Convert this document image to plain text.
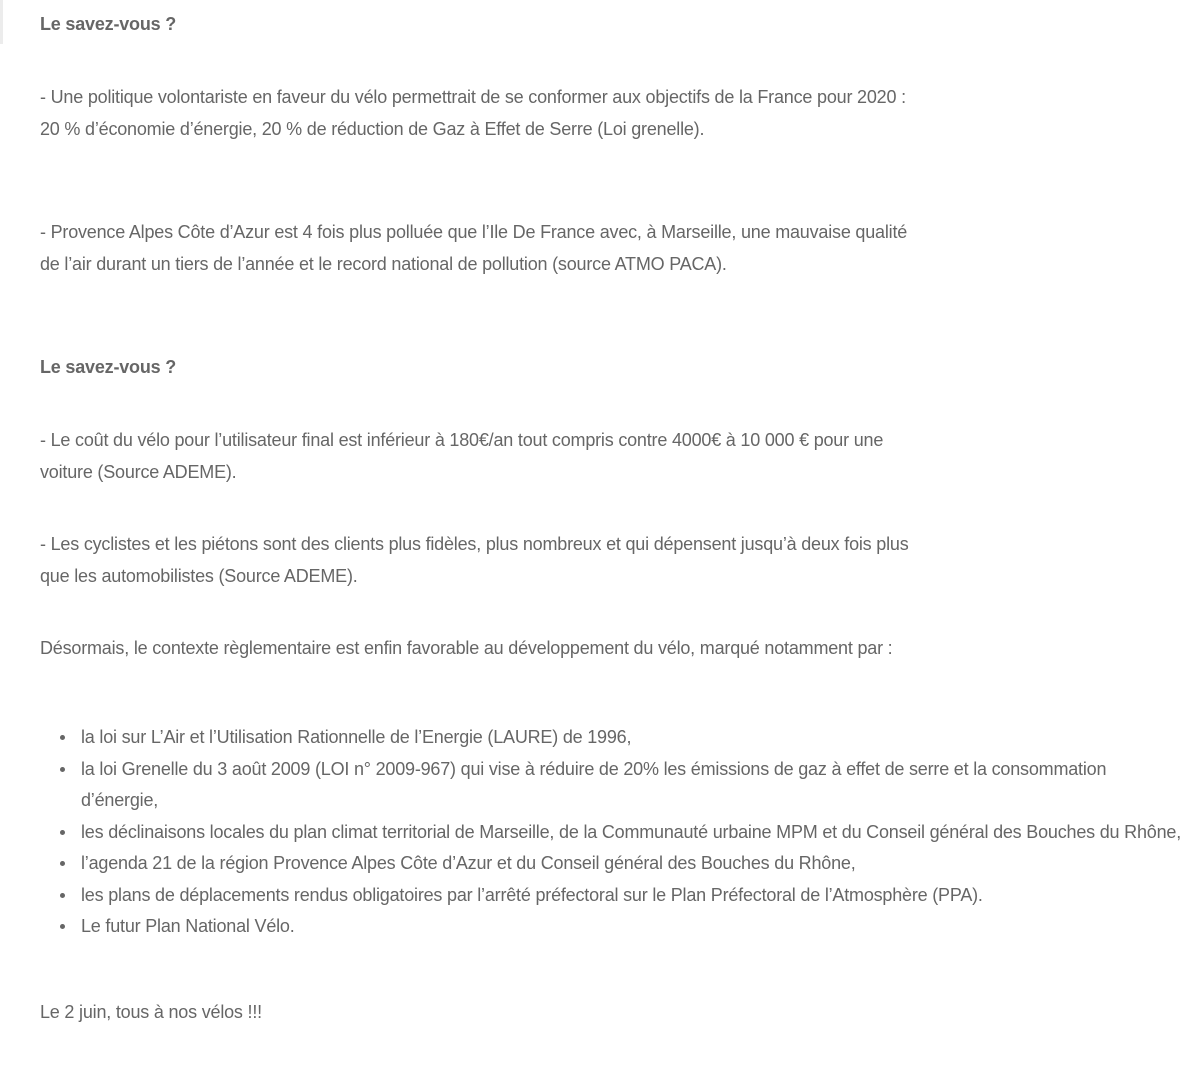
Le savez-vous ?

- Une politique volontariste en faveur du vélo permettrait de se conformer aux objectifs de la France pour 2020 : 20 % d’économie d’énergie, 20 % de réduction de Gaz à Effet de Serre (Loi grenelle).

- Provence Alpes Côte d’Azur est 4 fois plus polluée que l’Ile De France avec, à Marseille, une mauvaise qualité de l’air durant un tiers de l’année et le record national de pollution (source ATMO PACA).

Le savez-vous ?

- Le coût du vélo pour l’utilisateur final est inférieur à 180€/an tout compris contre 4000€ à 10 000 € pour une voiture (Source ADEME).

- Les cyclistes et les piétons sont des clients plus fidèles, plus nombreux et qui dépensent jusqu’à deux fois plus que les automobilistes (Source ADEME).

Désormais, le contexte règlementaire est enfin favorable au développement du vélo, marqué notamment par :

la loi sur L’Air et l’Utilisation Rationnelle de l’Energie (LAURE) de 1996,
la loi Grenelle du 3 août 2009 (LOI n° 2009-967) qui vise à réduire de 20% les émissions de gaz à effet de serre et la consommation d’énergie,
les déclinaisons locales du plan climat territorial de Marseille, de la Communauté urbaine MPM et du Conseil général des Bouches du Rhône,
l’agenda 21 de la région Provence Alpes Côte d’Azur et du Conseil général des Bouches du Rhône,
les plans de déplacements rendus obligatoires par l’arrêté préfectoral sur le Plan Préfectoral de l’Atmosphère (PPA).
Le futur Plan National Vélo.

Le 2 juin, tous à nos vélos !!!
